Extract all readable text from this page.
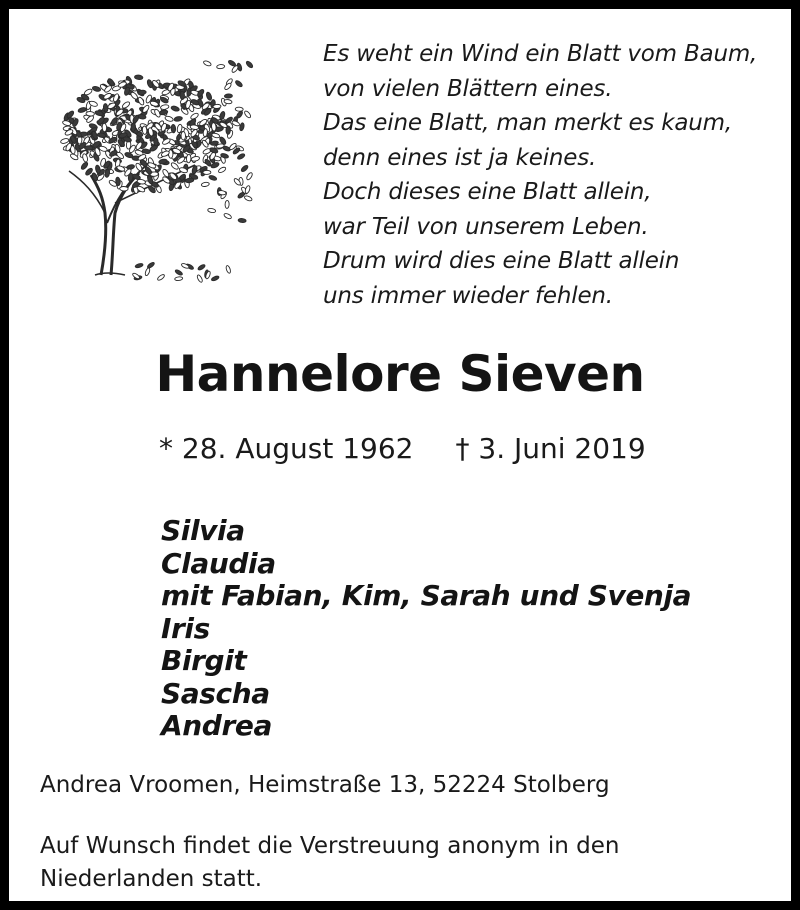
Es weht ein Wind ein Blatt vom Baum,
von vielen Blättern eines.
Das eine Blatt, man merkt es kaum,
denn eines ist ja keines.
Doch dieses eine Blatt allein,
war Teil von unserem Leben.
Drum wird dies eine Blatt allein
uns immer wieder fehlen.
Hannelore Sieven
* 28. August 1962 † 3. Juni 2019
Silvia
Claudia
mit Fabian, Kim, Sarah und Svenja
Iris
Birgit
Sascha
Andrea
Andrea Vroomen, Heimstraße 13, 52224 Stolberg
Auf Wunsch findet die Verstreuung anonym in den
Niederlanden statt.
